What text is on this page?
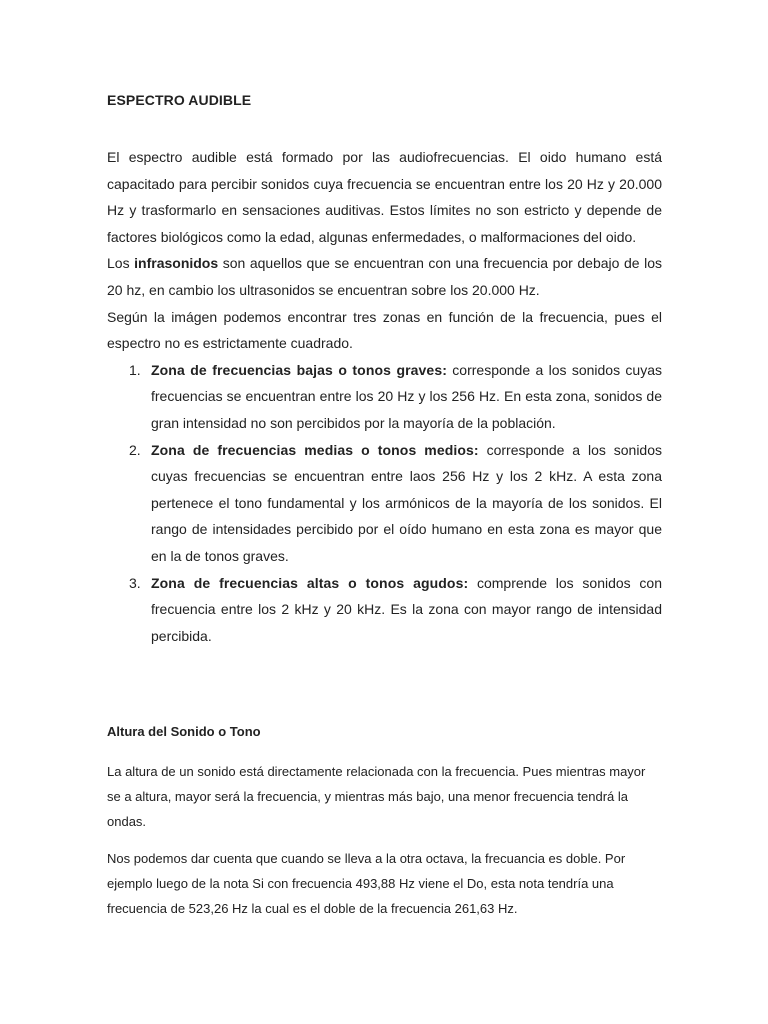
ESPECTRO AUDIBLE

El espectro audible está formado por las audiofrecuencias. El oido humano está capacitado para percibir sonidos cuya frecuencia se encuentran entre los 20 Hz y 20.000 Hz y trasformarlo en sensaciones auditivas. Estos límites no son estricto y depende de factores biológicos como la edad, algunas enfermedades, o malformaciones del oido.

Los infrasonidos son aquellos que se encuentran con una frecuencia por debajo de los 20 hz, en cambio los ultrasonidos se encuentran sobre los 20.000 Hz.

Según la imágen podemos encontrar tres zonas en función de la frecuencia, pues el espectro no es estrictamente cuadrado.

1. Zona de frecuencias bajas o tonos graves: corresponde a los sonidos cuyas frecuencias se encuentran entre los 20 Hz y los 256 Hz. En esta zona, sonidos de gran intensidad no son percibidos por la mayoría de la población.
2. Zona de frecuencias medias o tonos medios: corresponde a los sonidos cuyas frecuencias se encuentran entre laos 256 Hz y los 2 kHz. A esta zona pertenece el tono fundamental y los armónicos de la mayoría de los sonidos. El rango de intensidades percibido por el oído humano en esta zona es mayor que en la de tonos graves.
3. Zona de frecuencias altas o tonos agudos: comprende los sonidos con frecuencia entre los 2 kHz y 20 kHz. Es la zona con mayor rango de intensidad percibida.
Altura del Sonido o Tono

La altura de un sonido está directamente relacionada con la frecuencia. Pues mientras mayor se a altura, mayor será la frecuencia, y mientras más bajo, una menor frecuencia tendrá la ondas.

Nos podemos dar cuenta que cuando se lleva a la otra octava, la frecuancia es doble. Por ejemplo luego de la nota Si con frecuencia 493,88 Hz viene el Do, esta nota tendría una frecuencia de 523,26 Hz la cual es el doble de la frecuencia 261,63 Hz.
